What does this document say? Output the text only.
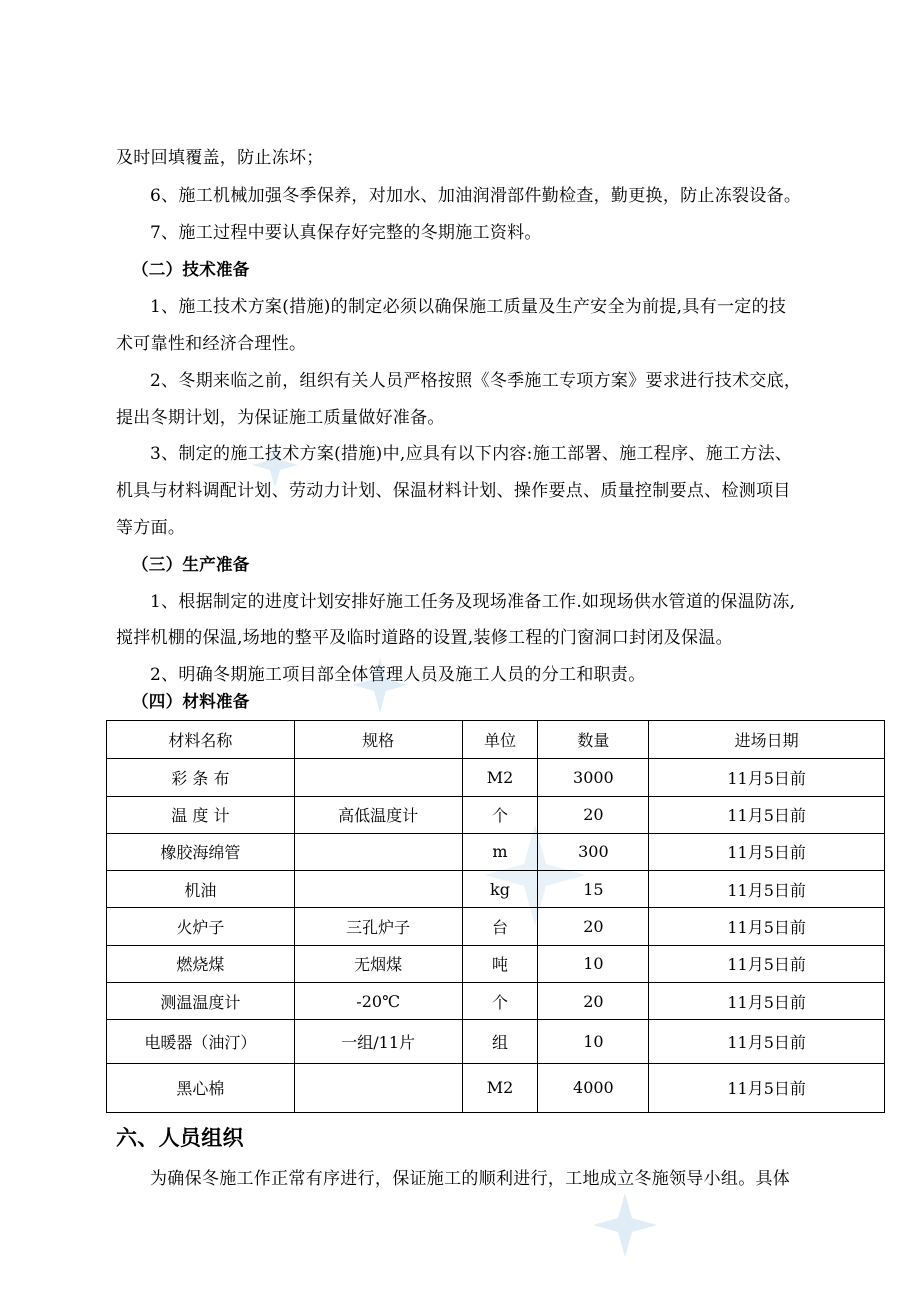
及时回填覆盖，防止冻坏；
6、施工机械加强冬季保养，对加水、加油润滑部件勤检查，勤更换，防止冻裂设备。
7、施工过程中要认真保存好完整的冬期施工资料。
（二）技术准备
1、施工技术方案(措施)的制定必须以确保施工质量及生产安全为前提,具有一定的技
术可靠性和经济合理性。
2、冬期来临之前，组织有关人员严格按照《冬季施工专项方案》要求进行技术交底，
提出冬期计划，为保证施工质量做好准备。
3、制定的施工技术方案(措施)中,应具有以下内容:施工部署、施工程序、施工方法、
机具与材料调配计划、劳动力计划、保温材料计划、操作要点、质量控制要点、检测项目
等方面。
（三）生产准备
1、根据制定的进度计划安排好施工任务及现场准备工作.如现场供水管道的保温防冻,
搅拌机棚的保温,场地的整平及临时道路的设置,装修工程的门窗洞口封闭及保温。
2、明确冬期施工项目部全体管理人员及施工人员的分工和职责。
（四）材料准备
材料名称	规格	单位	数量	进场日期
彩 条 布		M2	3000	11月5日前
温 度 计	高低温度计	个	20	11月5日前
橡胶海绵管		m	300	11月5日前
机油		kg	15	11月5日前
火炉子	三孔炉子	台	20	11月5日前
燃烧煤	无烟煤	吨	10	11月5日前
测温温度计	-20℃	个	20	11月5日前
电暖器（油汀）	一组/11片	组	10	11月5日前
黑心棉		M2	4000	11月5日前
六、人员组织
为确保冬施工作正常有序进行，保证施工的顺利进行，工地成立冬施领导小组。具体
